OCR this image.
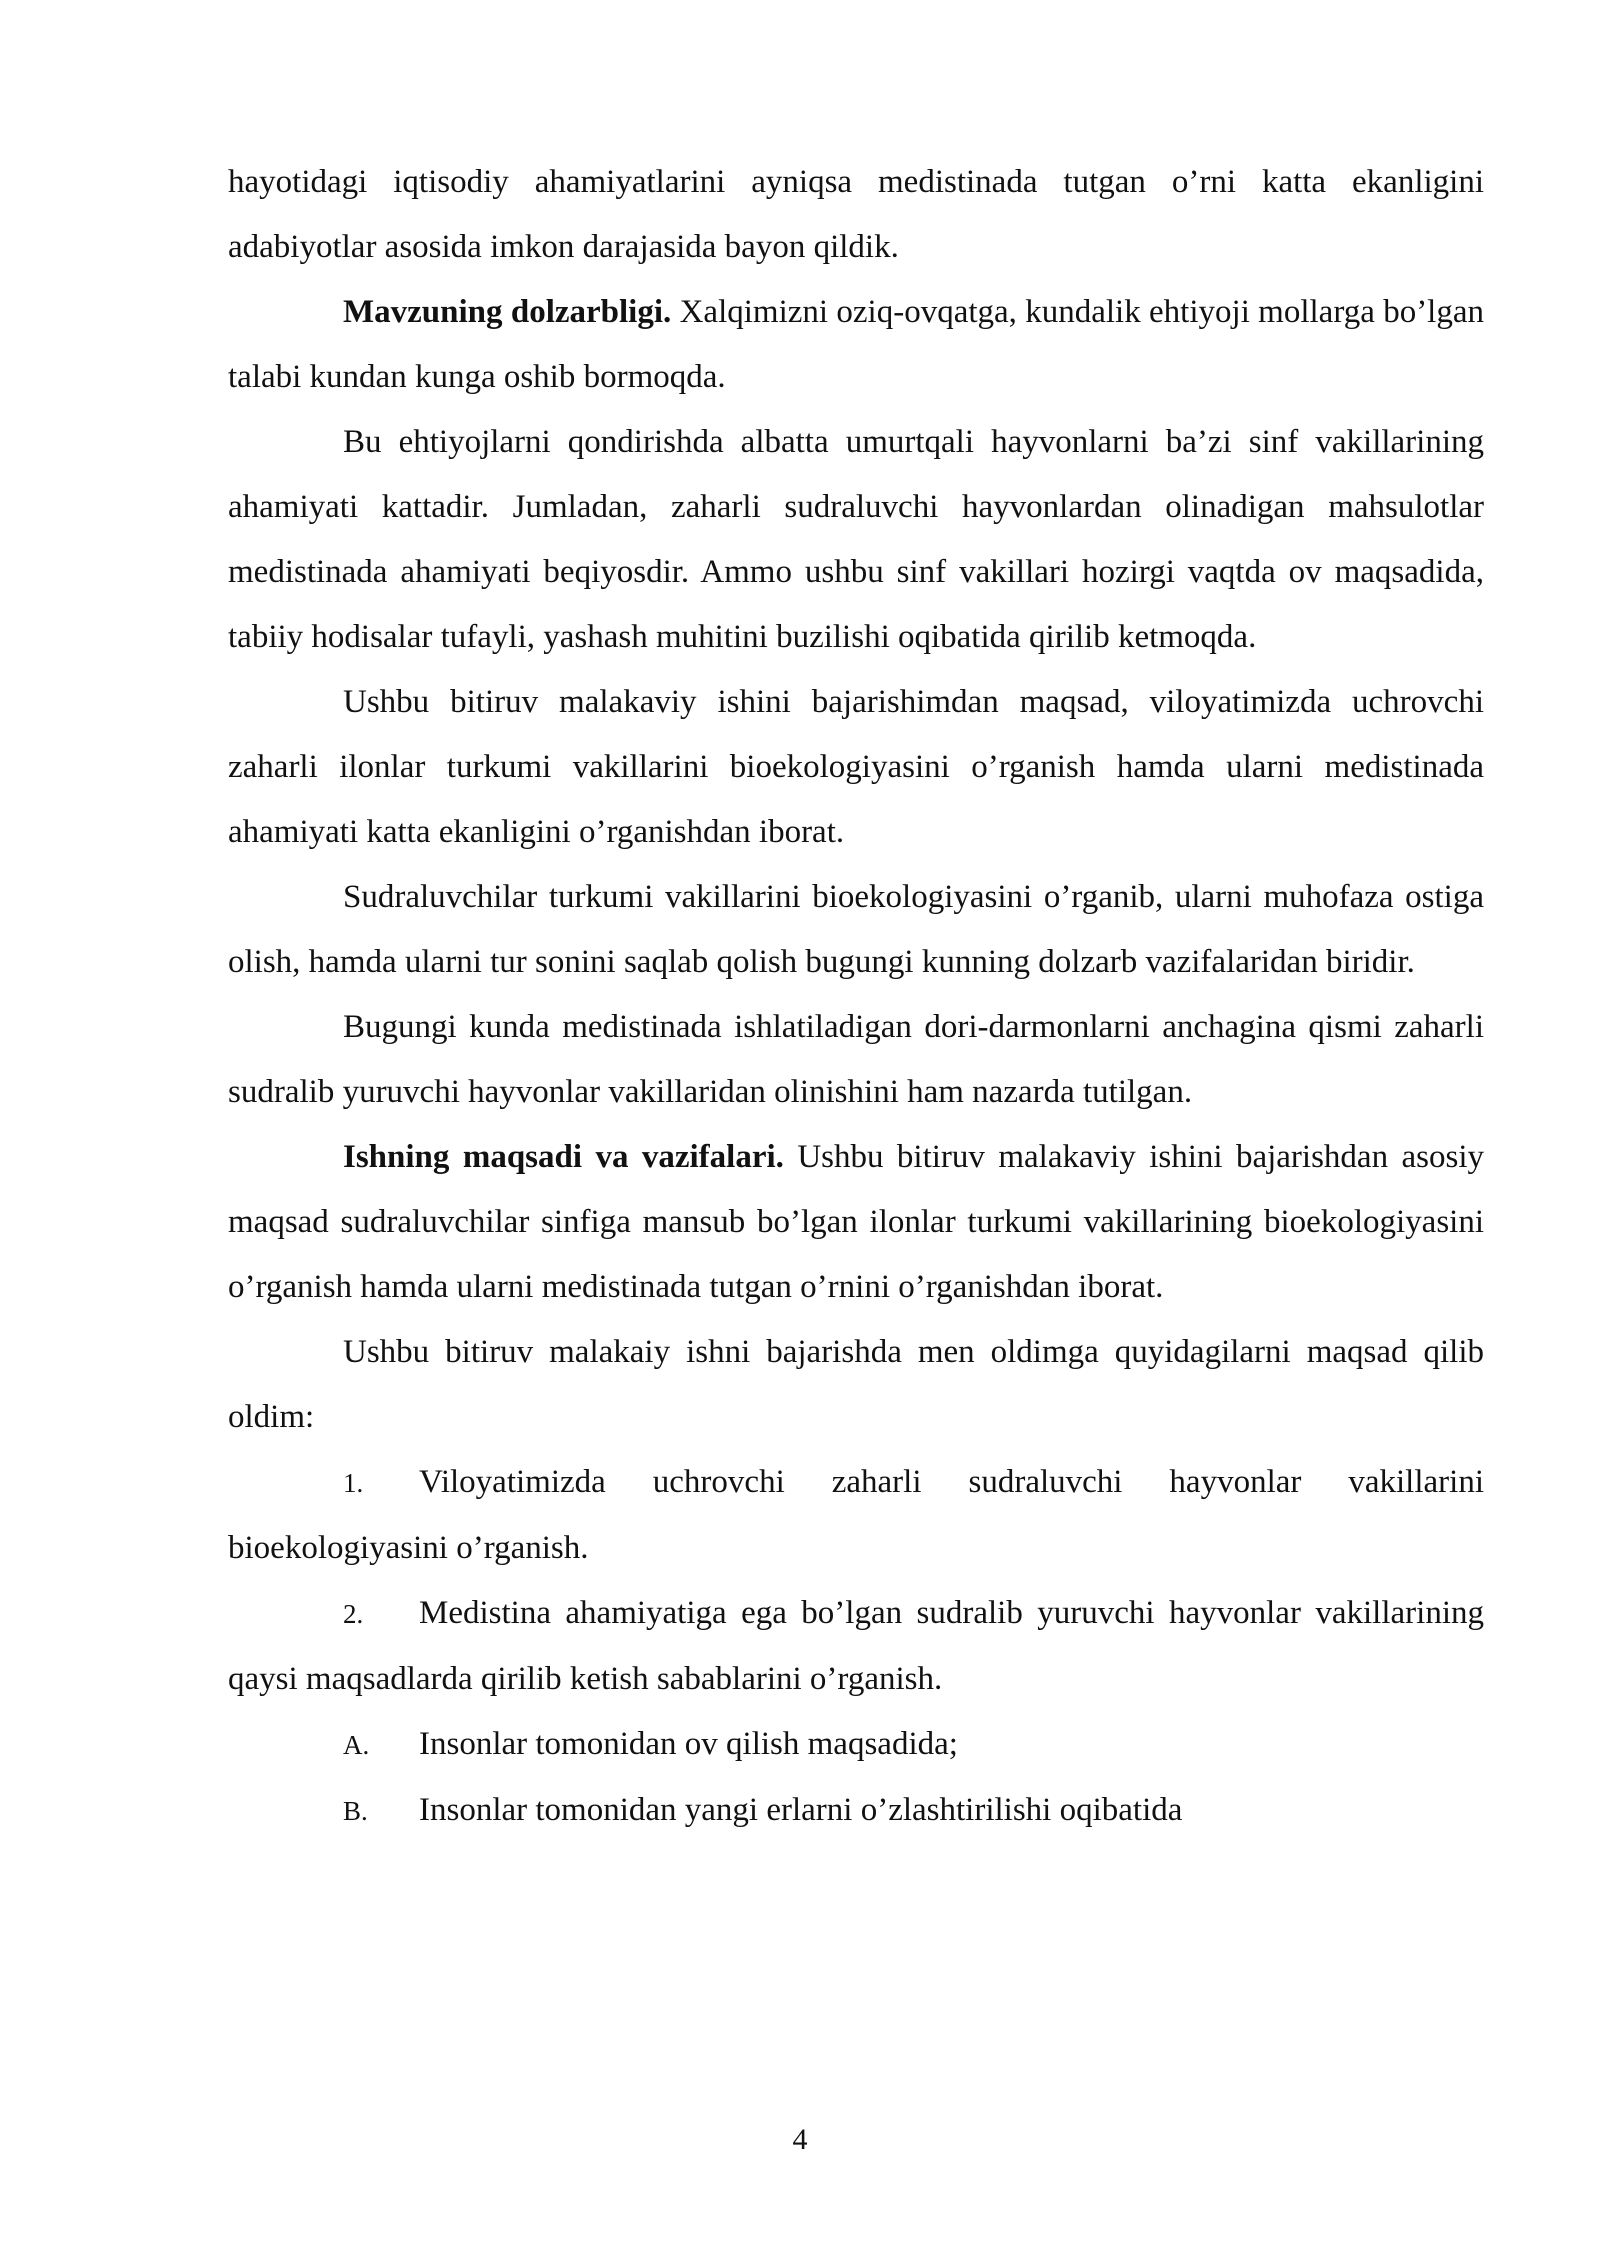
hayotidagi iqtisodiy ahamiyatlarini ayniqsa medistinada tutgan o’rni katta ekanligini adabiyotlar asosida imkon darajasida bayon qildik.

Mavzuning dolzarbligi. Xalqimizni oziq-ovqatga, kundalik ehtiyoji mollarga bo’lgan talabi kundan kunga oshib bormoqda.

Bu ehtiyojlarni qondirishda albatta umurtqali hayvonlarni ba’zi sinf vakillarining ahamiyati kattadir. Jumladan, zaharli sudraluvchi hayvonlardan olinadigan mahsulotlar medistinada ahamiyati beqiyosdir. Ammo ushbu sinf vakillari hozirgi vaqtda ov maqsadida, tabiiy hodisalar tufayli, yashash muhitini buzilishi oqibatida qirilib ketmoqda.

Ushbu bitiruv malakaviy ishini bajarishimdan maqsad, viloyatimizda uchrovchi zaharli ilonlar turkumi vakillarini bioekologiyasini o’rganish hamda ularni medistinada ahamiyati katta ekanligini o’rganishdan iborat.

Sudraluvchilar turkumi vakillarini bioekologiyasini o’rganib, ularni muhofaza ostiga olish, hamda ularni tur sonini saqlab qolish bugungi kunning dolzarb vazifalaridan biridir.

Bugungi kunda medistinada ishlatiladigan dori-darmonlarni anchagina qismi zaharli sudralib yuruvchi hayvonlar vakillaridan olinishini ham nazarda tutilgan.

Ishning maqsadi va vazifalari. Ushbu bitiruv malakaviy ishini bajarishdan asosiy maqsad sudraluvchilar sinfiga mansub bo’lgan ilonlar turkumi vakillarining bioekologiyasini o’rganish hamda ularni medistinada tutgan o’rnini o’rganishdan iborat.

Ushbu bitiruv malakaiy ishni bajarishda men oldimga quyidagilarni maqsad qilib oldim:

1. Viloyatimizda uchrovchi zaharli sudraluvchi hayvonlar vakillarini bioekologiyasini o’rganish.

2. Medistina ahamiyatiga ega bo’lgan sudralib yuruvchi hayvonlar vakillarining qaysi maqsadlarda qirilib ketish sabablarini o’rganish.

A. Insonlar tomonidan ov qilish maqsadida;

B. Insonlar tomonidan yangi erlarni o’zlashtirilishi oqibatida

4
